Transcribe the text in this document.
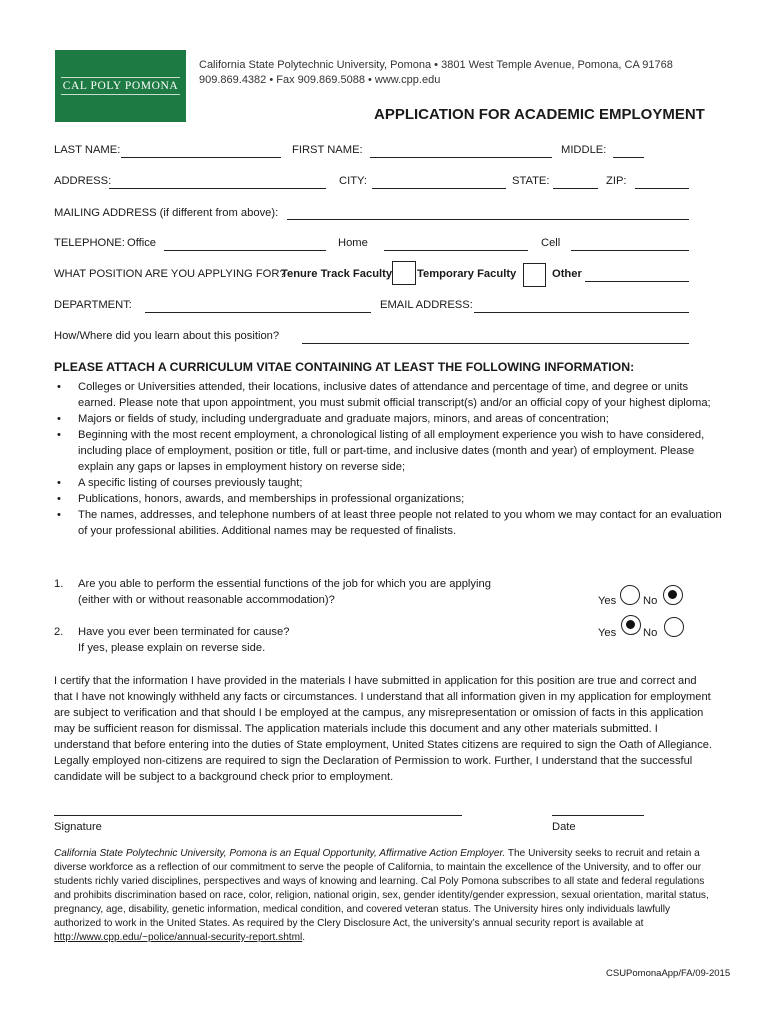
CAL POLY POMONA
California State Polytechnic University, Pomona • 3801 West Temple Avenue, Pomona, CA 91768
909.869.4382 • Fax 909.869.5088 • www.cpp.edu
APPLICATION FOR ACADEMIC EMPLOYMENT
LAST NAME:	FIRST NAME:	MIDDLE:
ADDRESS:	CITY:	STATE:	ZIP:
MAILING ADDRESS (if different from above):
TELEPHONE: Office	Home	Cell
WHAT POSITION ARE YOU APPLYING FOR?
Tenure Track Faculty Temporary Faculty	Other
DEPARTMENT:	EMAIL ADDRESS:
How/Where did you learn about this position?
PLEASE ATTACH A CURRICULUM VITAE CONTAINING AT LEAST THE FOLLOWING INFORMATION:
• Colleges or Universities attended, their locations, inclusive dates of attendance and percentage of time, and degree or units earned. Please note that upon appointment, you must submit official transcript(s) and/or an official copy of your highest diploma;
• Majors or fields of study, including undergraduate and graduate majors, minors, and areas of concentration;
• Beginning with the most recent employment, a chronological listing of all employment experience you wish to have considered, including place of employment, position or title, full or part-time, and inclusive dates (month and year) of employment. Please explain any gaps or lapses in employment history on reverse side;
• A specific listing of courses previously taught;
• Publications, honors, awards, and memberships in professional organizations;
• The names, addresses, and telephone numbers of at least three people not related to you whom we may contact for an evaluation of your professional abilities. Additional names may be requested of finalists.
1. Are you able to perform the essential functions of the job for which you are applying
(either with or without reasonable accommodation)?	Yes No
2. Have you ever been terminated for cause?
If yes, please explain on reverse side.
Yes No
I certify that the information I have provided in the materials I have submitted in application for this position are true and correct and that I have not knowingly withheld any facts or circumstances. I understand that all information given in my application for employment are subject to verification and that should I be employed at the campus, any misrepresentation or omission of facts in this application may be sufficient reason for dismissal. The application materials include this document and any other materials submitted. I understand that before entering into the duties of State employment, United States citizens are required to sign the Oath of Allegiance. Legally employed non-citizens are required to sign the Declaration of Permission to work. Further, I understand that the successful candidate will be subject to a background check prior to employment.
Signature	Date
California State Polytechnic University, Pomona is an Equal Opportunity, Affirmative Action Employer. The University seeks to recruit and retain a diverse workforce as a reflection of our commitment to serve the people of California, to maintain the excellence of the University, and to offer our students richly varied disciplines, perspectives and ways of knowing and learning. Cal Poly Pomona subscribes to all state and federal regulations and prohibits discrimination based on race, color, religion, national origin, sex, gender identity/gender expression, sexual orientation, marital status, pregnancy, age, disability, genetic information, medical condition, and covered veteran status. The University hires only individuals lawfully authorized to work in the United States. As required by the Clery Disclosure Act, the university’s annual security report is available at http://www.cpp.edu/~police/annual-security-report.shtml.
CSUPomonaApp/FA/09-2015
